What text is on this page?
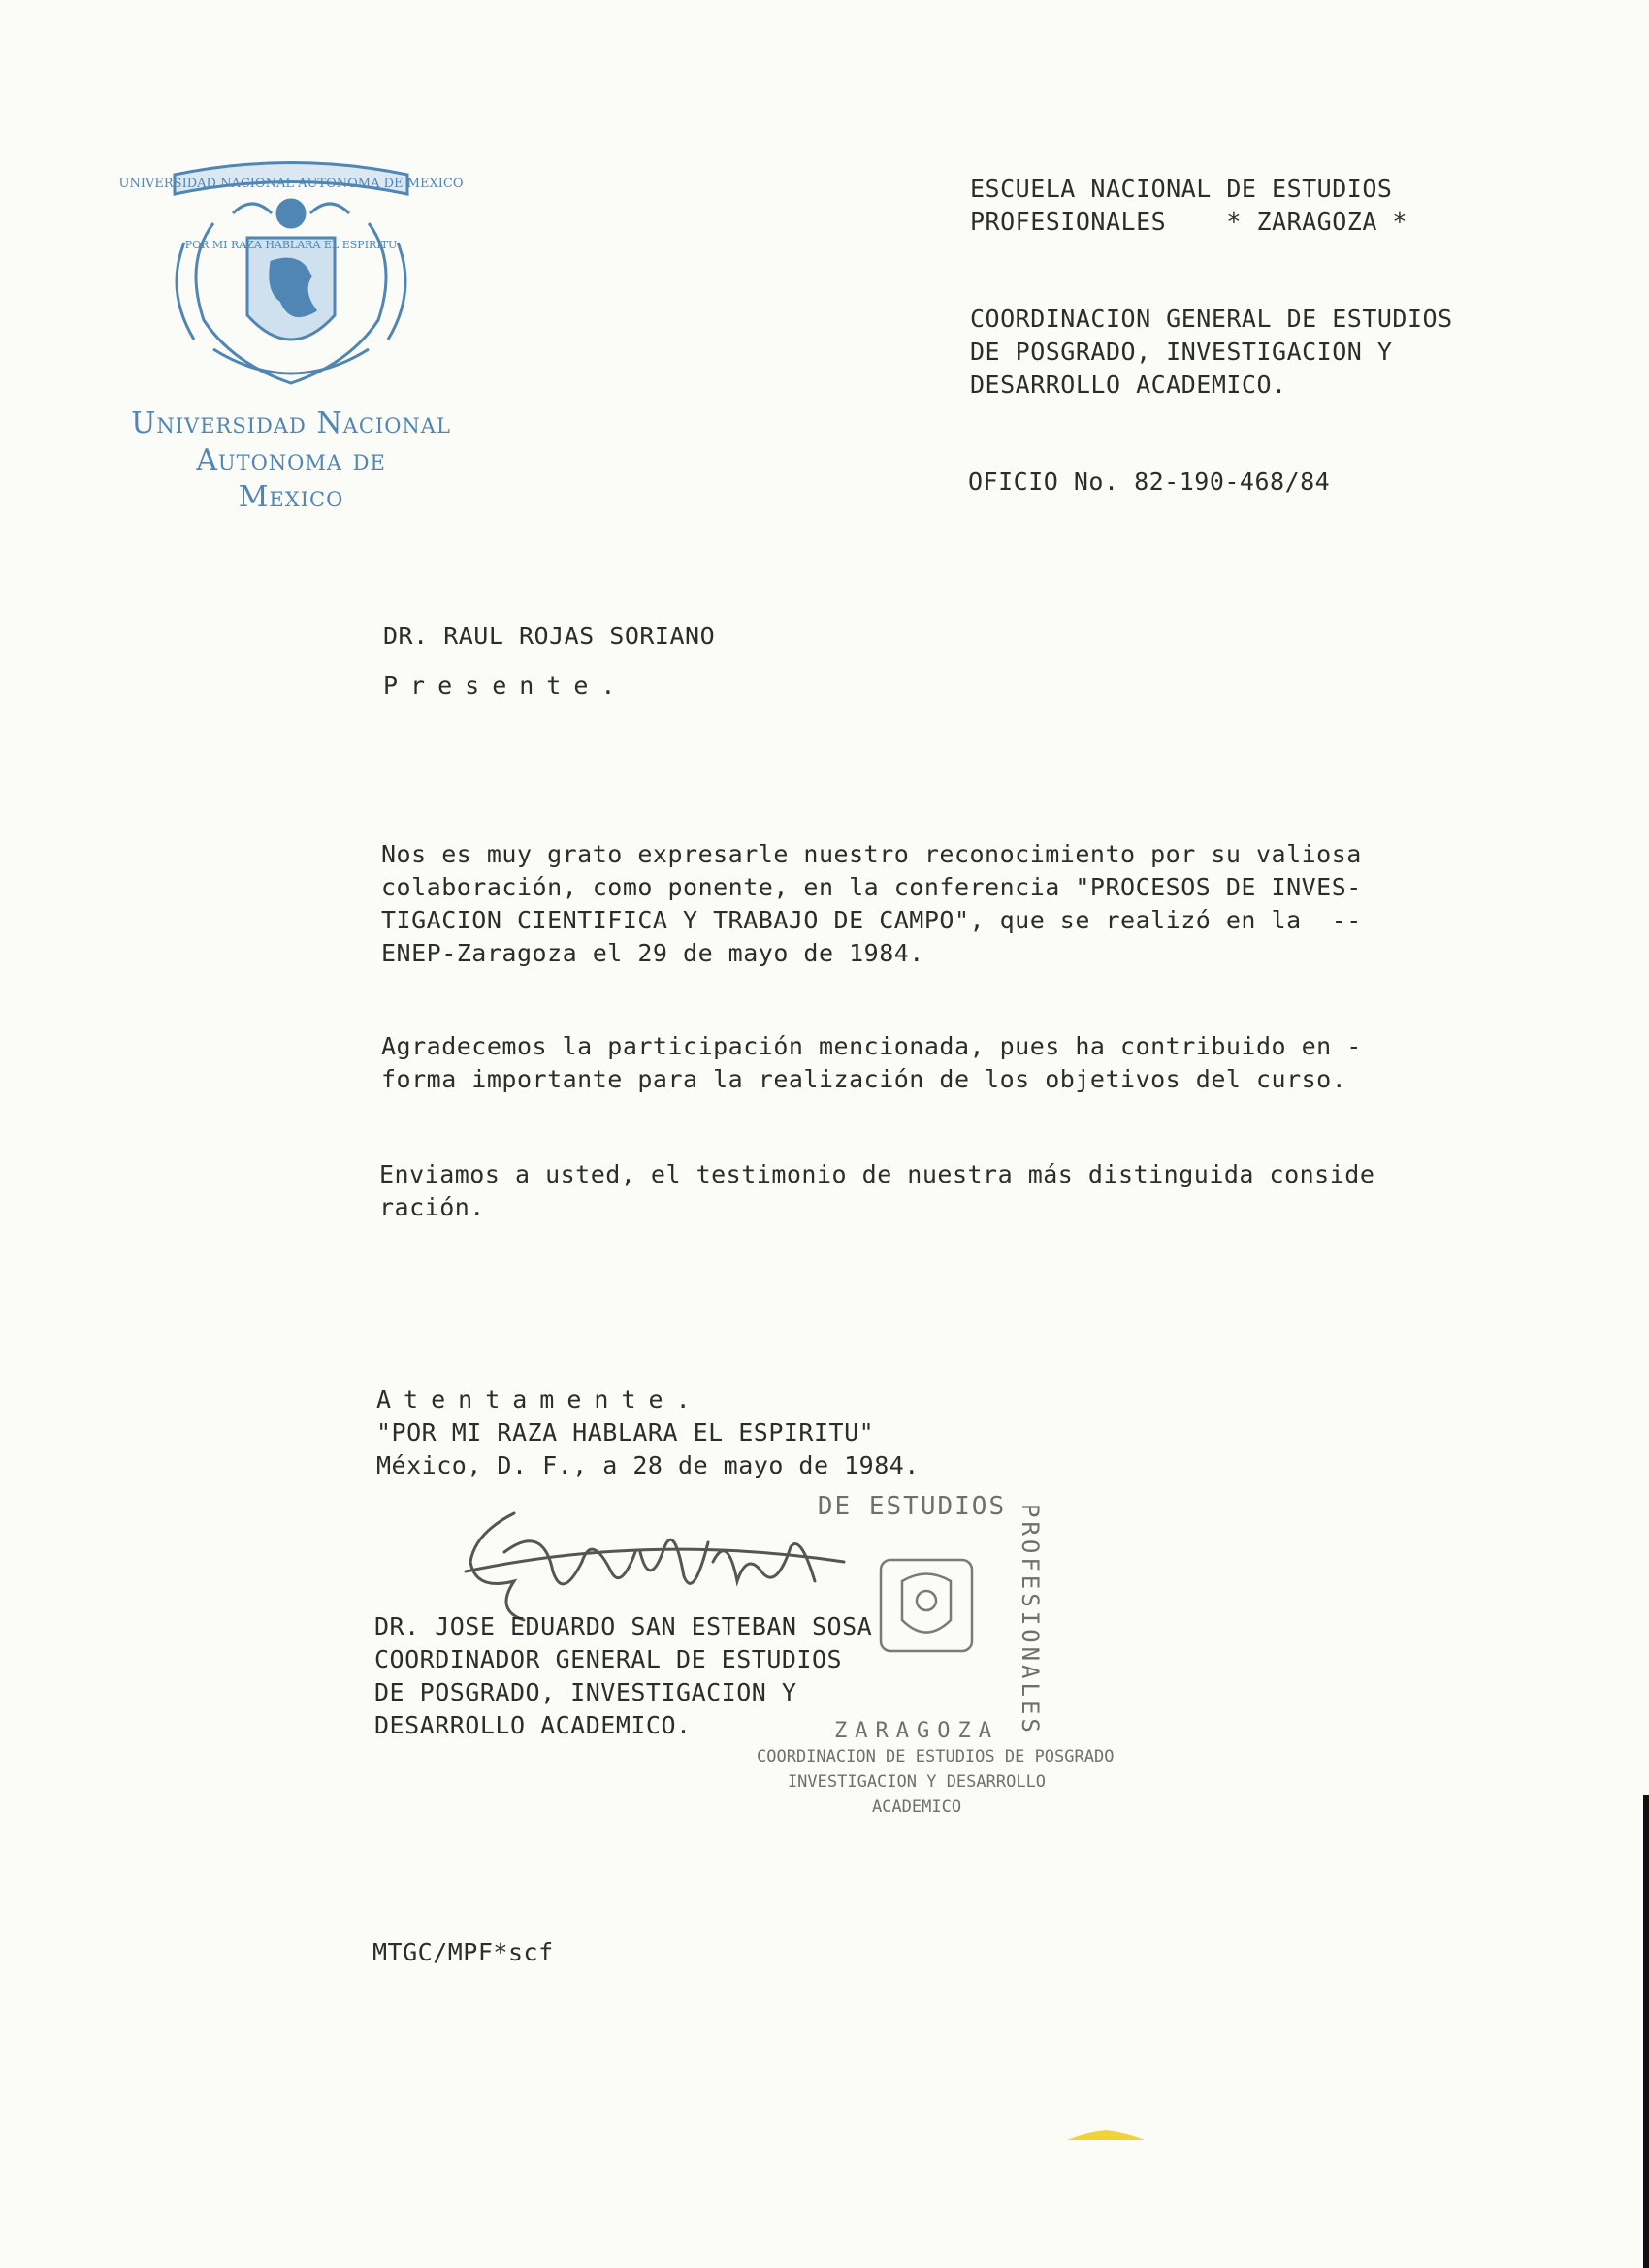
UNIVERSIDAD NACIONAL AUTONOMA DE MEXICO
POR MI RAZA HABLARA EL ESPIRITU
Universidad Nacional
Autonoma de
Mexico
ESCUELA NACIONAL DE ESTUDIOS
PROFESIONALES    * ZARAGOZA *
COORDINACION GENERAL DE ESTUDIOS
DE POSGRADO, INVESTIGACION Y
DESARROLLO ACADEMICO.
OFICIO No. 82-190-468/84
DR. RAUL ROJAS SORIANO
Presente.
Nos es muy grato expresarle nuestro reconocimiento por su valiosa
colaboración, como ponente, en la conferencia "PROCESOS DE INVES-
TIGACION CIENTIFICA Y TRABAJO DE CAMPO", que se realizó en la  --
ENEP-Zaragoza el 29 de mayo de 1984.
Agradecemos la participación mencionada, pues ha contribuido en -
forma importante para la realización de los objetivos del curso.
Enviamos a usted, el testimonio de nuestra más distinguida conside
ración.
Atentamente.
"POR MI RAZA HABLARA EL ESPIRITU"
México, D. F., a 28 de mayo de 1984.
DR. JOSE EDUARDO SAN ESTEBAN SOSA
COORDINADOR GENERAL DE ESTUDIOS
DE POSGRADO, INVESTIGACION Y
DESARROLLO ACADEMICO.
DE ESTUDIOS PROFESIONALES
ZARAGOZA
COORDINACION DE ESTUDIOS DE POSGRADO
INVESTIGACION Y DESARROLLO
ACADEMICO
MTGC/MPF*scf
